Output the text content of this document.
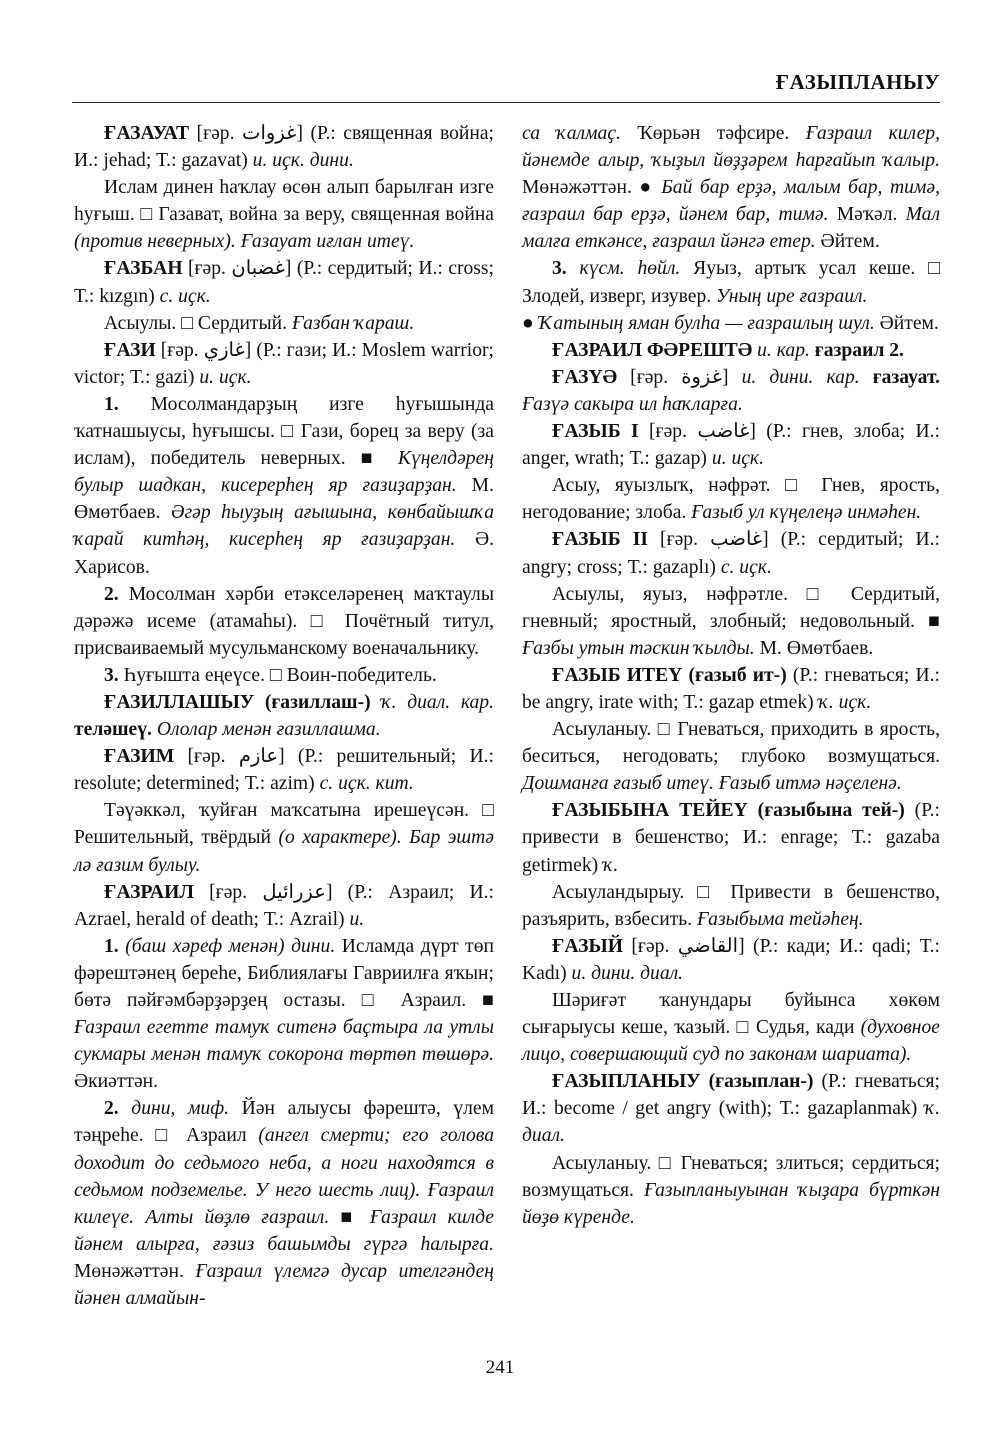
ҒАЗЫПЛАНЫУ

ҒАЗАУАТ [ғәр. غزوات] (Р.: священная война; И.: jehad; Т.: gazavat) и. иҫк. дини.

Ислам динен һаҡлау өсөн алып барылған изге һуғыш. □ Газават, война за веру, священная война (против неверных). Ғазауат иғлан итеү.

ҒАЗБАН [ғәр. غضبان] (Р.: сердитый; И.: cross; Т.: kızgın) с. иҫк.

Асыулы. □ Сердитый. Ғазбан ҡараш.

ҒАЗИ [ғәр. غازي] (Р.: гази; И.: Moslem warrior; victor; Т.: gazi) и. иҫк.

1. Мосолмандарҙың изге һуғышында ҡатнашыусы, һуғышсы. □ Гази, борец за веру (за ислам), победитель неверных. ■ Күңелдәрең булыр шадкан, кисерерһең яр ғазиҙарҙан. М. Өмөтбаев. Әгәр һыуҙың ағышына, көнбайышҡа ҡарай китһәң, кисерһең яр ғазиҙарҙан. Ә. Харисов.

2. Мосолман хәрби етәкселәренең маҡтаулы дәрәжә исеме (атамаһы). □ Почётный титул, присваиваемый мусульманскому военачальнику.

3. Һуғышта еңеүсе. □ Воин-победитель.

ҒАЗИЛЛАШЫУ (ғазиллаш-) ҡ. диал. кар. теләшеү. Ололар менән ғазиллашма.

ҒАЗИМ [ғәр. عازم] (Р.: решительный; И.: resolute; determined; Т.: azim) с. иҫк. кит.

Тәүәккәл, ҡуйған маҡсатына ирешеүсән. □ Решительный, твёрдый (о характере). Бар эштә лә ғазим булыу.

ҒАЗРАИЛ [ғәр. عزرائيل] (Р.: Азраил; И.: Azrael, herald of death; Т.: Azrail) и.

1. (баш хәреф менән) дини. Исламда дүрт төп фәрештәнең береһе, Библиялағы Гавриилға яҡын; бөтә пәйғәмбәрҙәрҙең остазы. □ Азраил. ■ Ғазраил егетте тамуҡ ситенә баҫтыра ла утлы сукмары менән тамуҡ сокорона төртөп төшөрә. Әкиәттән.

2. дини, миф. Йән алыусы фәрештә, үлем тәңреһе. □ Азраил (ангел смерти; его голова доходит до седьмого неба, а ноги находятся в седьмом подземелье. У него шесть лиц). Ғазраил килеүе. Алты йөҙлө ғазраил. ■ Ғазраил килде йәнем алырға, ғәзиз башымды гүргә һалырға. Мөнәжәттән. Ғазраил үлемгә дусар ителгәндең йәнен алмайын-

са ҡалмаҫ. Ҡөрьән тәфсире. Ғазраил килер, йәнемде алыр, ҡыҙыл йөҙҙәрем һарғайып ҡалыр. Мөнәжәттән. ● Бай бар ерҙә, малым бар, тимә, ғазраил бар ерҙә, йәнем бар, тимә. Мәҡәл. Мал малға еткәнсе, ғазраил йәнгә етер. Әйтем.

3. күсм. һөйл. Яуыз, артыҡ усал кеше. □ Злодей, изверг, изувер. Уның ире ғазраил.
● Ҡатының яман булһа — ғазраилың шул. Әйтем.

ҒАЗРАИЛ ФӘРЕШТӘ и. кар. ғазраил 2.

ҒАЗҮӘ [ғәр. غزوة] и. дини. кар. ғазауат. Ғазүә сакыра ил һаҡларға.

ҒАЗЫБ I [ғәр. غاضب] (Р.: гнев, злоба; И.: anger, wrath; Т.: gazap) и. иҫк.

Асыу, яуызлыҡ, нәфрәт. □ Гнев, ярость, негодование; злоба. Ғазыб ул күңелеңә инмәһен.

ҒАЗЫБ II [ғәр. غاضب] (Р.: сердитый; И.: angry; cross; Т.: gazaplı) с. иҫк.

Асыулы, яуыз, нәфрәтле. □ Сердитый, гневный; яростный, злобный; недовольный. ■ Ғазбы утын тәскин ҡылды. М. Өмөтбаев.

ҒАЗЫБ ИТЕҮ (ғазыб ит-) (Р.: гневаться; И.: be angry, irate with; Т.: gazap etmek) ҡ. иҫк.

Асыуланыу. □ Гневаться, приходить в ярость, беситься, негодовать; глубоко возмущаться. Дошманға ғазыб итеү. Ғазыб итмә нәҫеленә.

ҒАЗЫБЫНА ТЕЙЕҮ (ғазыбына тей-) (Р.: привести в бешенство; И.: enrage; Т.: gazaba getirmek) ҡ.

Асыуландырыу. □ Привести в бешенство, разъярить, взбесить. Ғазыбыма тейәһең.

ҒАЗЫЙ [ғәр. القاضي] (Р.: кади; И.: qadi; Т.: Kadı) и. дини. диал.

Шәриғәт ҡанундары буйынса хөкөм сығарыусы кеше, ҡазый. □ Судья, кади (духовное лицо, совершающий суд по законам шариата).

ҒАЗЫПЛАНЫУ (ғазыплан-) (Р.: гневаться; И.: become / get angry (with); Т.: gazaplanmak) ҡ. диал.

Асыуланыу. □ Гневаться; злиться; сердиться; возмущаться. Ғазыпланыуынан ҡыҙара бүрткән йөҙө күренде.

241
